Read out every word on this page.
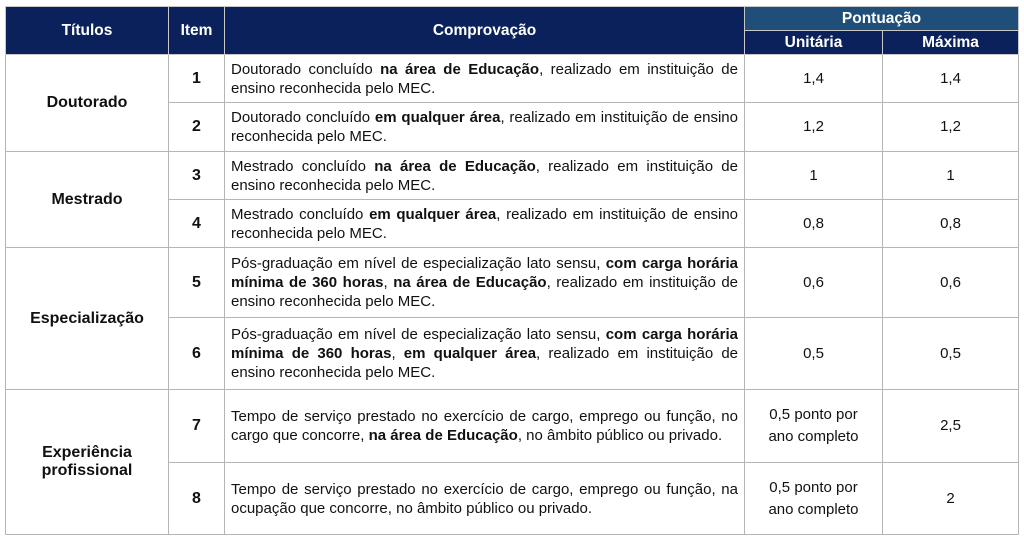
Títulos	Item	Comprovação	Pontuação	
			Unitária	Máxima
Doutorado	1	Doutorado concluído na área de Educação, realizado em instituição de ensino reconhecida pelo MEC.	1,4	1,4
	2	Doutorado concluído em qualquer área, realizado em instituição de ensino reconhecida pelo MEC.	1,2	1,2
Mestrado	3	Mestrado concluído na área de Educação, realizado em instituição de ensino reconhecida pelo MEC.	1	1
	4	Mestrado concluído em qualquer área, realizado em instituição de ensino reconhecida pelo MEC.	0,8	0,8
Especialização	5	Pós-graduação em nível de especialização lato sensu, com carga horária mínima de 360 horas, na área de Educação, realizado em instituição de ensino reconhecida pelo MEC.	0,6	0,6
	6	Pós-graduação em nível de especialização lato sensu, com carga horária mínima de 360 horas, em qualquer área, realizado em instituição de ensino reconhecida pelo MEC.	0,5	0,5
Experiência profissional	7	Tempo de serviço prestado no exercício de cargo, emprego ou função, no cargo que concorre, na área de Educação, no âmbito público ou privado.	0,5 ponto por ano completo	2,5
	8	Tempo de serviço prestado no exercício de cargo, emprego ou função, na ocupação que concorre, no âmbito público ou privado.	0,5 ponto por ano completo	2
